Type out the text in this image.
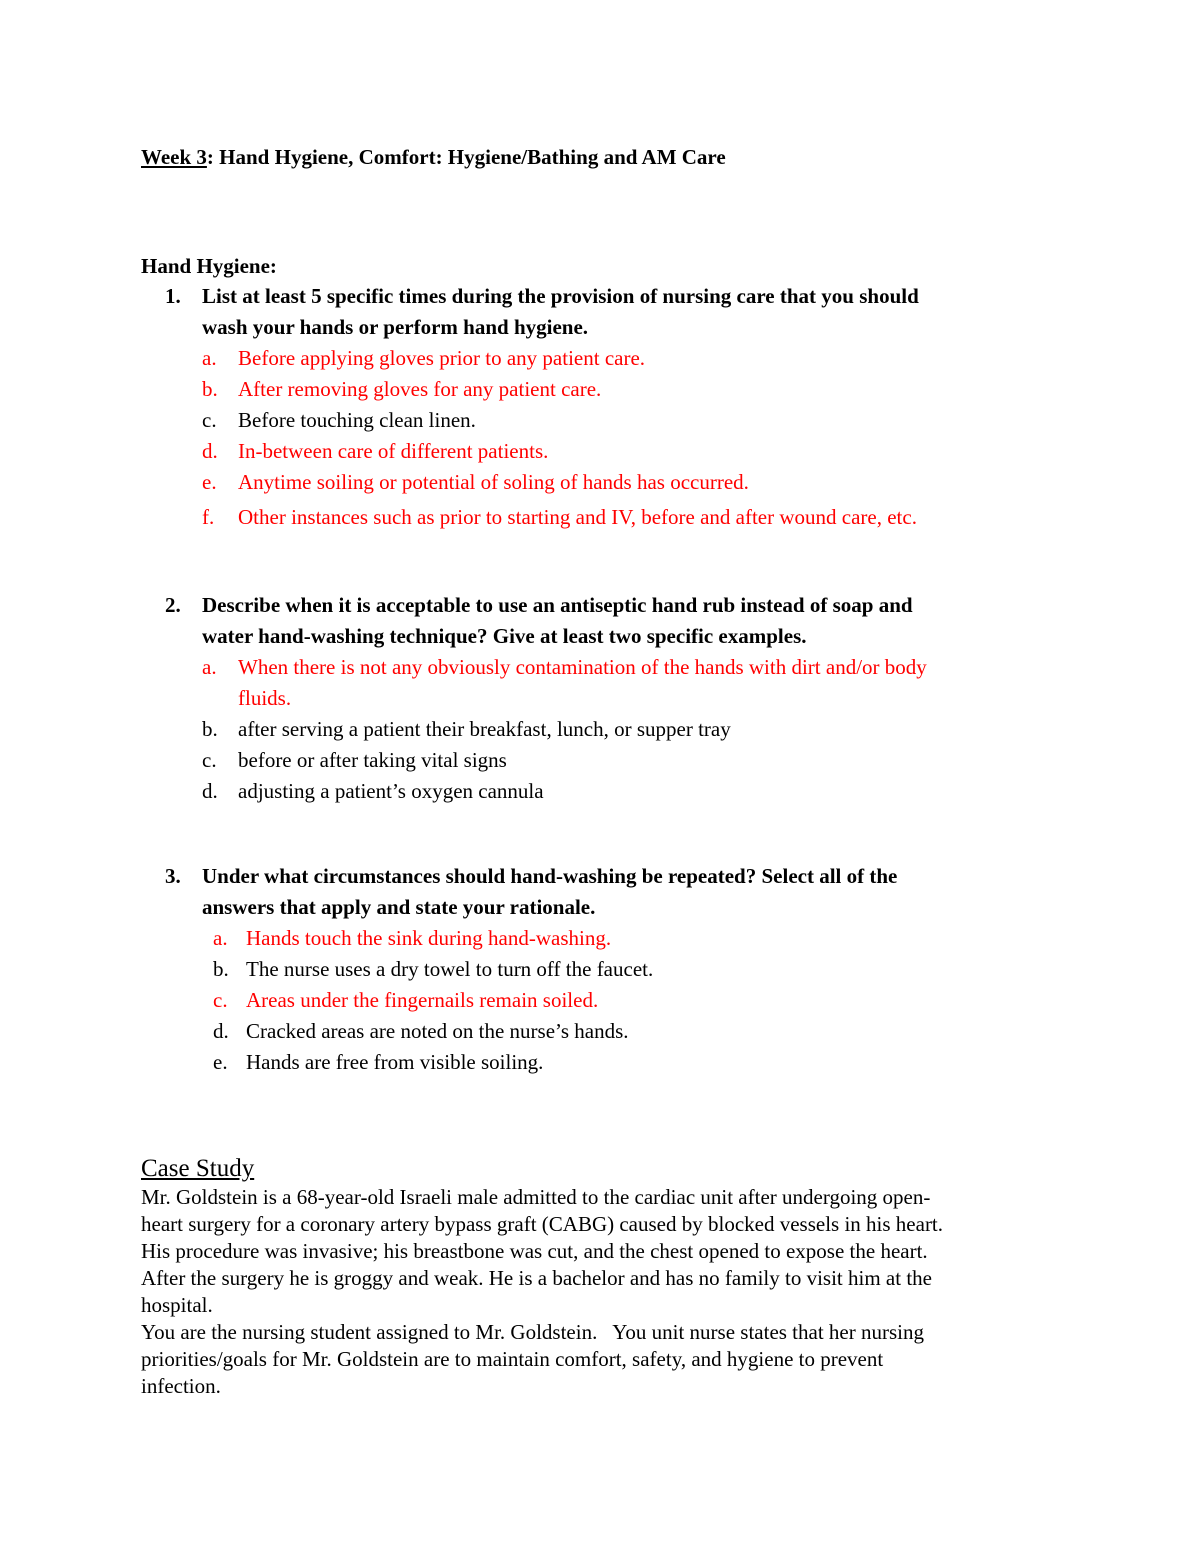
Week 3: Hand Hygiene, Comfort: Hygiene/Bathing and AM Care
Hand Hygiene:
1. List at least 5 specific times during the provision of nursing care that you should
wash your hands or perform hand hygiene.
a. Before applying gloves prior to any patient care.
b. After removing gloves for any patient care.
c. Before touching clean linen.
d. In-between care of different patients.
e. Anytime soiling or potential of soling of hands has occurred.
f. Other instances such as prior to starting and IV, before and after wound care, etc.
2. Describe when it is acceptable to use an antiseptic hand rub instead of soap and
water hand-washing technique? Give at least two specific examples.
a. When there is not any obviously contamination of the hands with dirt and/or body
fluids.
b. after serving a patient their breakfast, lunch, or supper tray
c. before or after taking vital signs
d. adjusting a patient’s oxygen cannula
3. Under what circumstances should hand-washing be repeated? Select all of the
answers that apply and state your rationale.
a. Hands touch the sink during hand-washing.
b. The nurse uses a dry towel to turn off the faucet.
c. Areas under the fingernails remain soiled.
d. Cracked areas are noted on the nurse’s hands.
e. Hands are free from visible soiling.
Case Study
Mr. Goldstein is a 68-year-old Israeli male admitted to the cardiac unit after undergoing open-
heart surgery for a coronary artery bypass graft (CABG) caused by blocked vessels in his heart.
His procedure was invasive; his breastbone was cut, and the chest opened to expose the heart.
After the surgery he is groggy and weak. He is a bachelor and has no family to visit him at the
hospital.
You are the nursing student assigned to Mr. Goldstein.   You unit nurse states that her nursing
priorities/goals for Mr. Goldstein are to maintain comfort, safety, and hygiene to prevent
infection.
